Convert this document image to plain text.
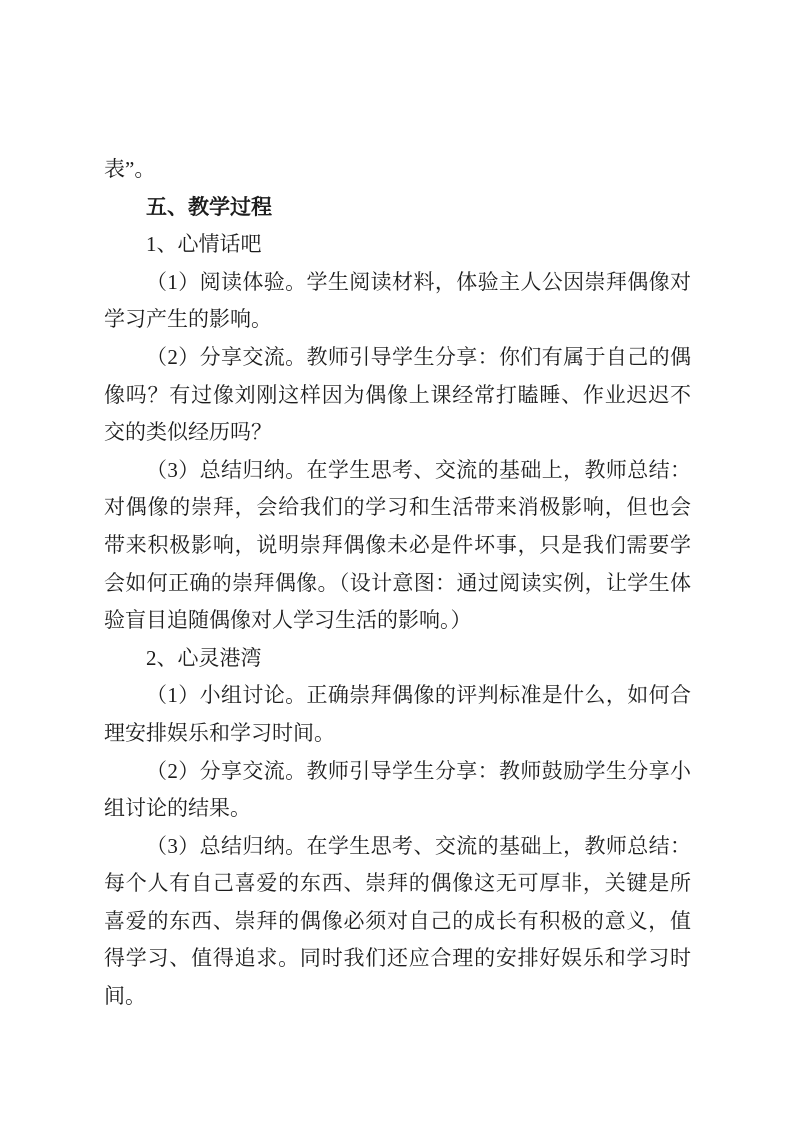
表”。
五、教学过程
1、心情话吧
（1）阅读体验。学生阅读材料，体验主人公因崇拜偶像对
学习产生的影响。
（2）分享交流。教师引导学生分享：你们有属于自己的偶
像吗？有过像刘刚这样因为偶像上课经常打瞌睡、作业迟迟不
交的类似经历吗？
（3）总结归纳。在学生思考、交流的基础上，教师总结：
对偶像的崇拜，会给我们的学习和生活带来消极影响，但也会
带来积极影响，说明崇拜偶像未必是件坏事，只是我们需要学
会如何正确的崇拜偶像。（设计意图：通过阅读实例，让学生体
验盲目追随偶像对人学习生活的影响。）
2、心灵港湾
（1）小组讨论。正确崇拜偶像的评判标准是什么，如何合
理安排娱乐和学习时间。
（2）分享交流。教师引导学生分享：教师鼓励学生分享小
组讨论的结果。
（3）总结归纳。在学生思考、交流的基础上，教师总结：
每个人有自己喜爱的东西、崇拜的偶像这无可厚非，关键是所
喜爱的东西、崇拜的偶像必须对自己的成长有积极的意义，值
得学习、值得追求。同时我们还应合理的安排好娱乐和学习时
间。
